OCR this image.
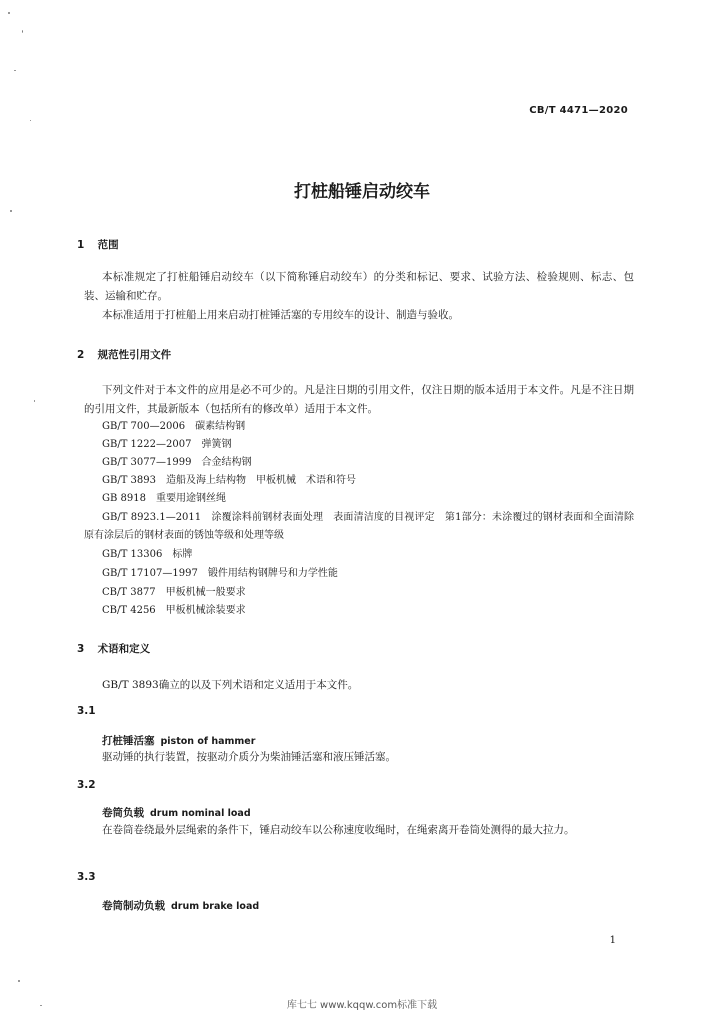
CB/T 4471—2020
打桩船锤启动绞车
1 范围
本标准规定了打桩船锤启动绞车（以下简称锤启动绞车）的分类和标记、要求、试验方法、检验规则、标志、包装、运输和贮存。
本标准适用于打桩船上用来启动打桩锤活塞的专用绞车的设计、制造与验收。
2 规范性引用文件
下列文件对于本文件的应用是必不可少的。凡是注日期的引用文件，仅注日期的版本适用于本文件。凡是不注日期的引用文件，其最新版本（包括所有的修改单）适用于本文件。
GB/T 700—2006 碳素结构钢
GB/T 1222—2007 弹簧钢
GB/T 3077—1999 合金结构钢
GB/T 3893 造船及海上结构物　甲板机械　术语和符号
GB 8918 重要用途钢丝绳
GB/T 8923.1—2011　 涂覆涂料前钢材表面处理　表面清洁度的目视评定　第1部分：未涂覆过的钢材表面和全面清除原有涂层后的钢材表面的锈蚀等级和处理等级
GB/T 13306 标牌
GB/T 17107—1997 锻件用结构钢牌号和力学性能
CB/T 3877 甲板机械一般要求
CB/T 4256 甲板机械涂装要求
3 术语和定义
GB/T 3893确立的以及下列术语和定义适用于本文件。
3.1
打桩锤活塞 piston of hammer
驱动锤的执行装置，按驱动介质分为柴油锤活塞和液压锤活塞。
3.2
卷筒负载 drum nominal load
在卷筒卷绕最外层绳索的条件下，锤启动绞车以公称速度收绳时，在绳索离开卷筒处测得的最大拉力。
3.3
卷筒制动负载 drum brake load
1
库七七 www.kqqw.com标准下载
